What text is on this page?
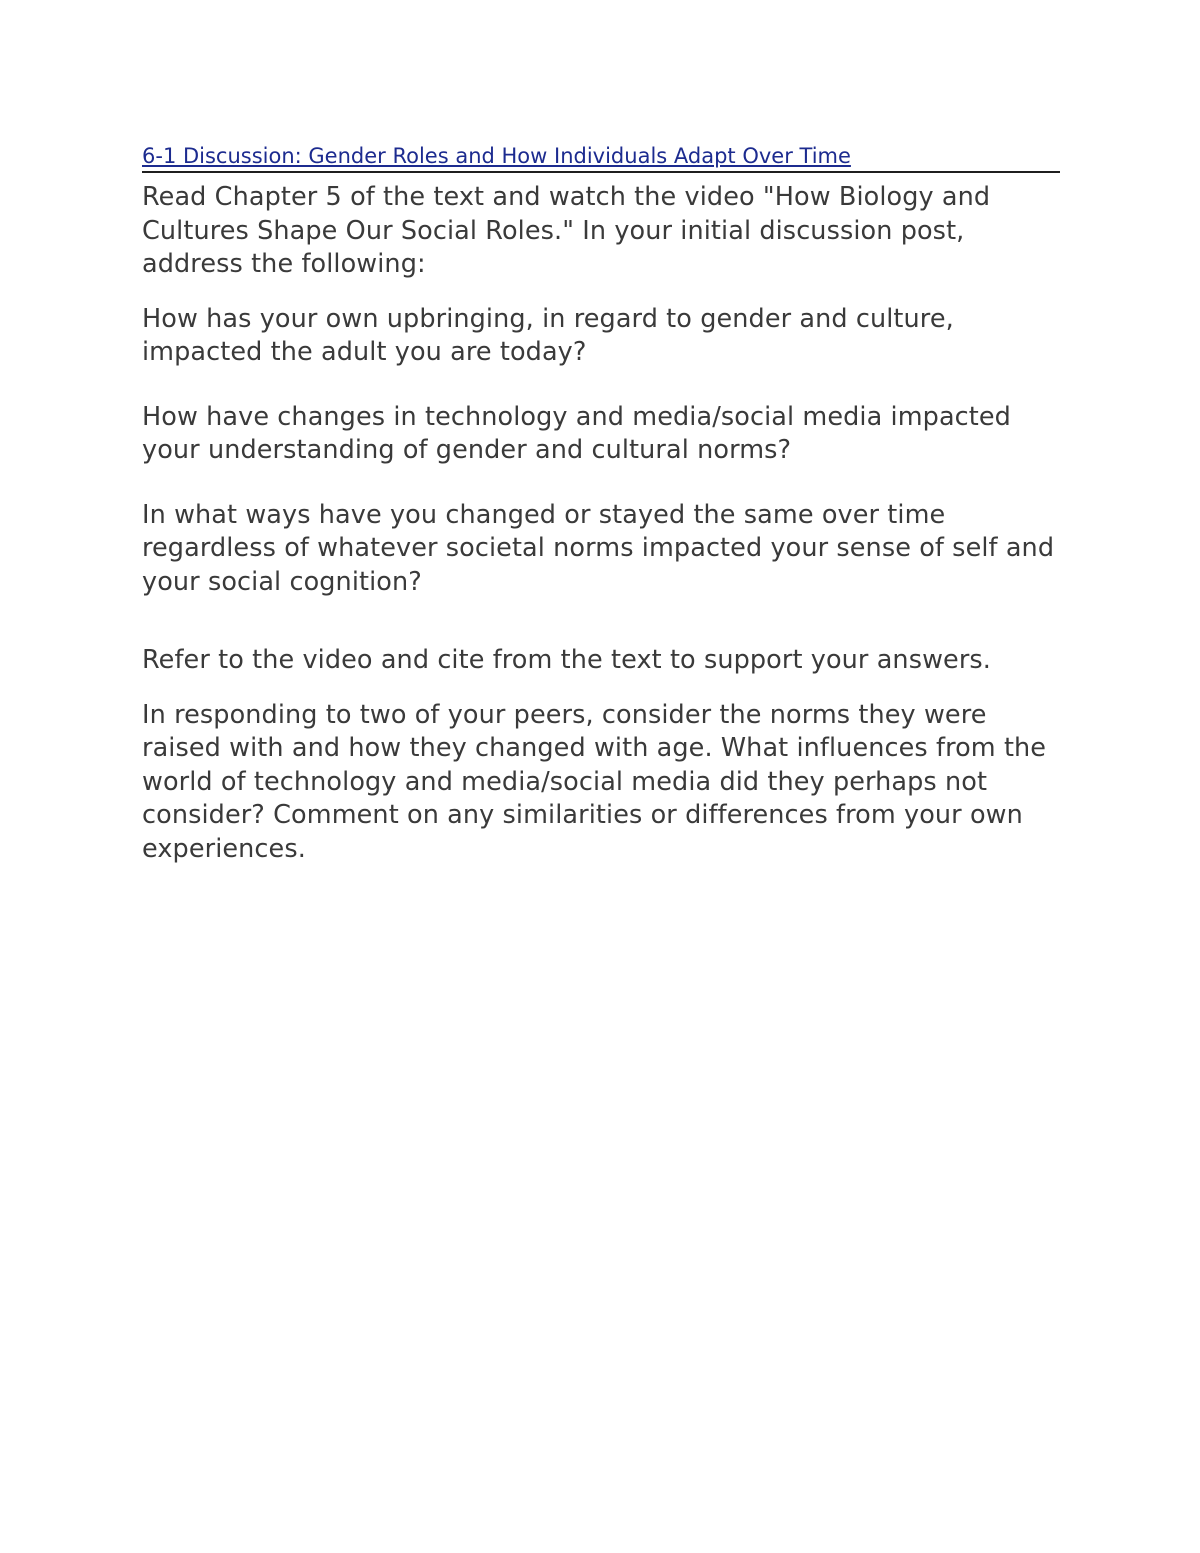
6-1 Discussion: Gender Roles and How Individuals Adapt Over Time

Read Chapter 5 of the text and watch the video "How Biology and Cultures Shape Our Social Roles." In your initial discussion post, address the following:

How has your own upbringing, in regard to gender and culture, impacted the adult you are today?

How have changes in technology and media/social media impacted your understanding of gender and cultural norms?

In what ways have you changed or stayed the same over time regardless of whatever societal norms impacted your sense of self and your social cognition?

Refer to the video and cite from the text to support your answers.

In responding to two of your peers, consider the norms they were raised with and how they changed with age. What influences from the world of technology and media/social media did they perhaps not consider? Comment on any similarities or differences from your own experiences.
